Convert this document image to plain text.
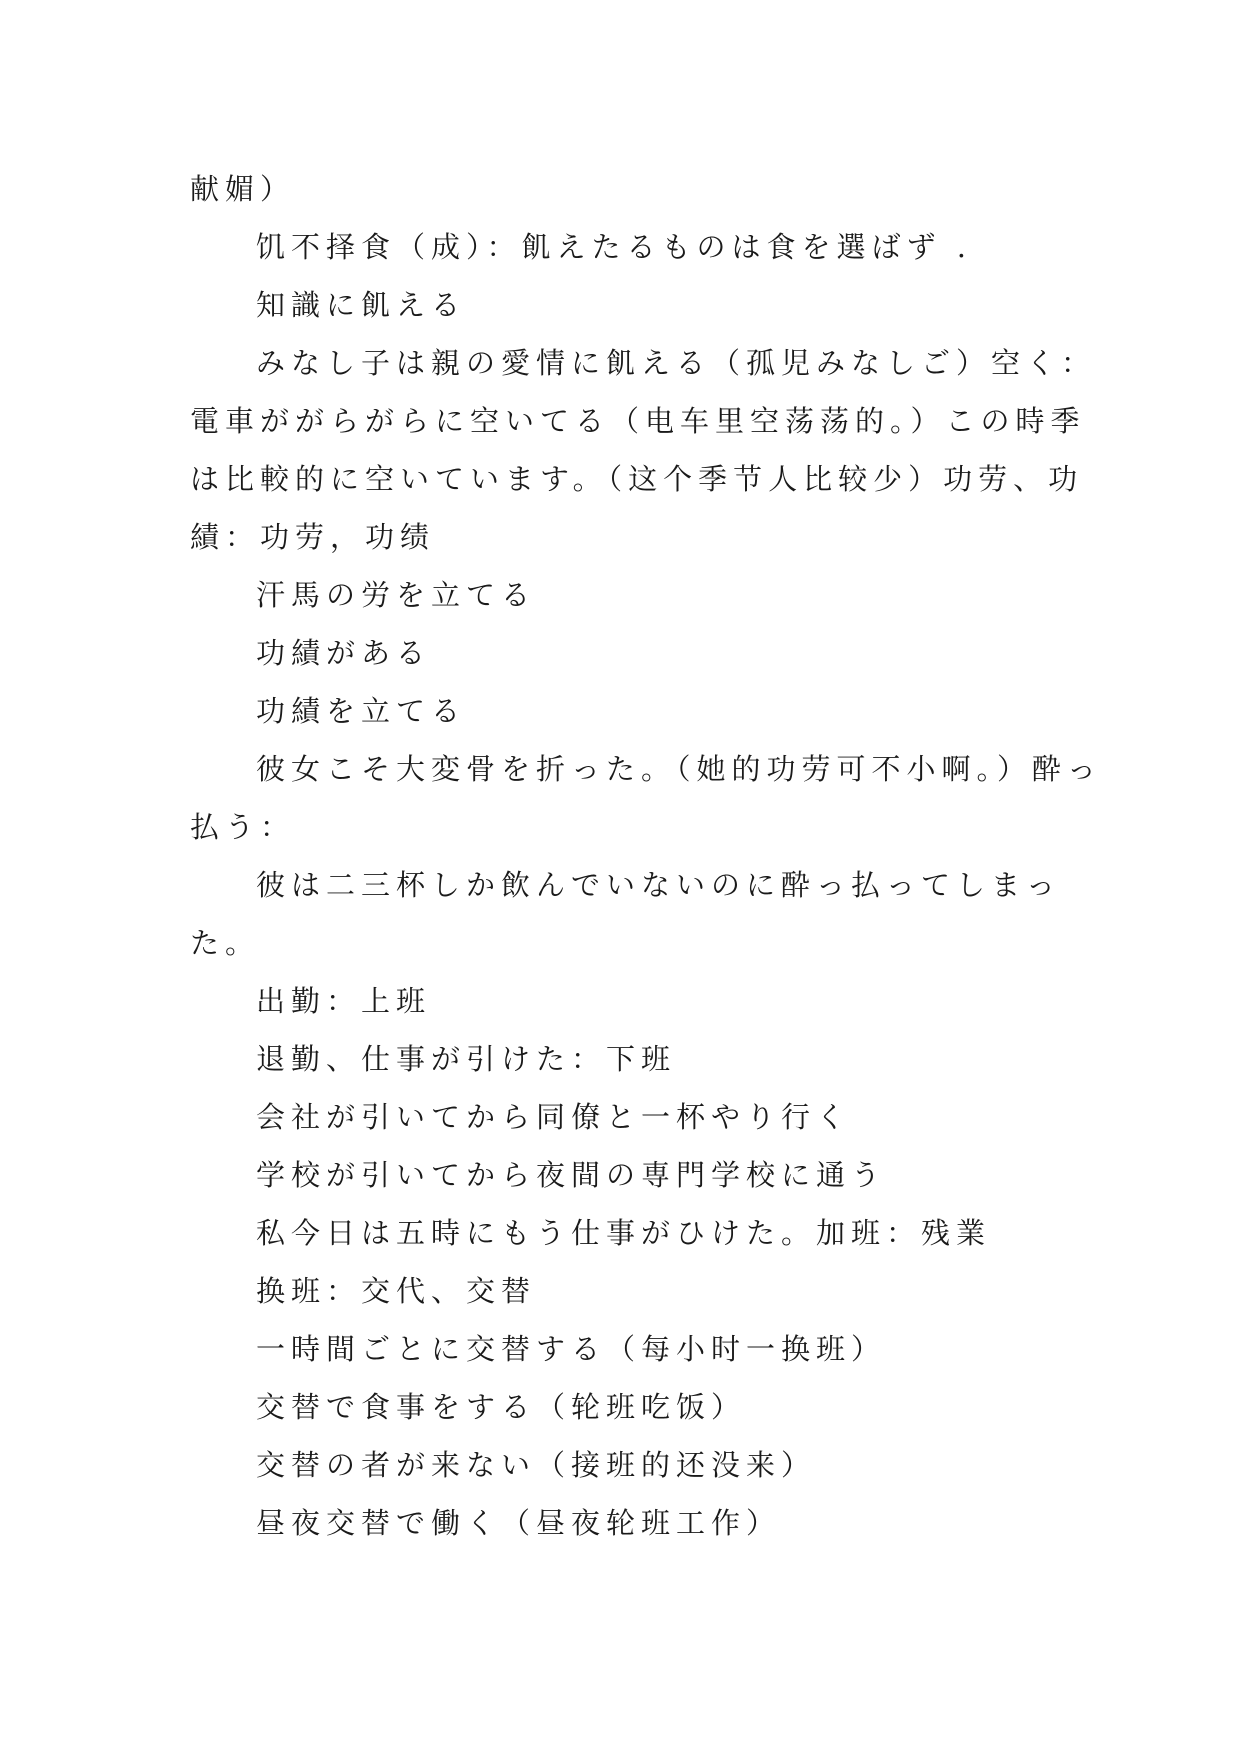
献媚）
饥不择食（成）：飢えたるものは食を選ばず .
知識に飢える
みなし子は親の愛情に飢える（孤児みなしご）空く：
電車ががらがらに空いてる（电车里空荡荡的。）この時季
は比較的に空いています。（这个季节人比较少）功劳、功
績：功劳，功绩
汗馬の労を立てる
功績がある
功績を立てる
彼女こそ大変骨を折った。（她的功劳可不小啊。）酔っ
払う：
彼は二三杯しか飲んでいないのに酔っ払ってしまっ
た。
出勤：上班
退勤、仕事が引けた：下班
会社が引いてから同僚と一杯やり行く
学校が引いてから夜間の専門学校に通う
私今日は五時にもう仕事がひけた。加班：残業
换班：交代、交替
一時間ごとに交替する（每小时一换班）
交替で食事をする（轮班吃饭）
交替の者が来ない（接班的还没来）
昼夜交替で働く（昼夜轮班工作）
